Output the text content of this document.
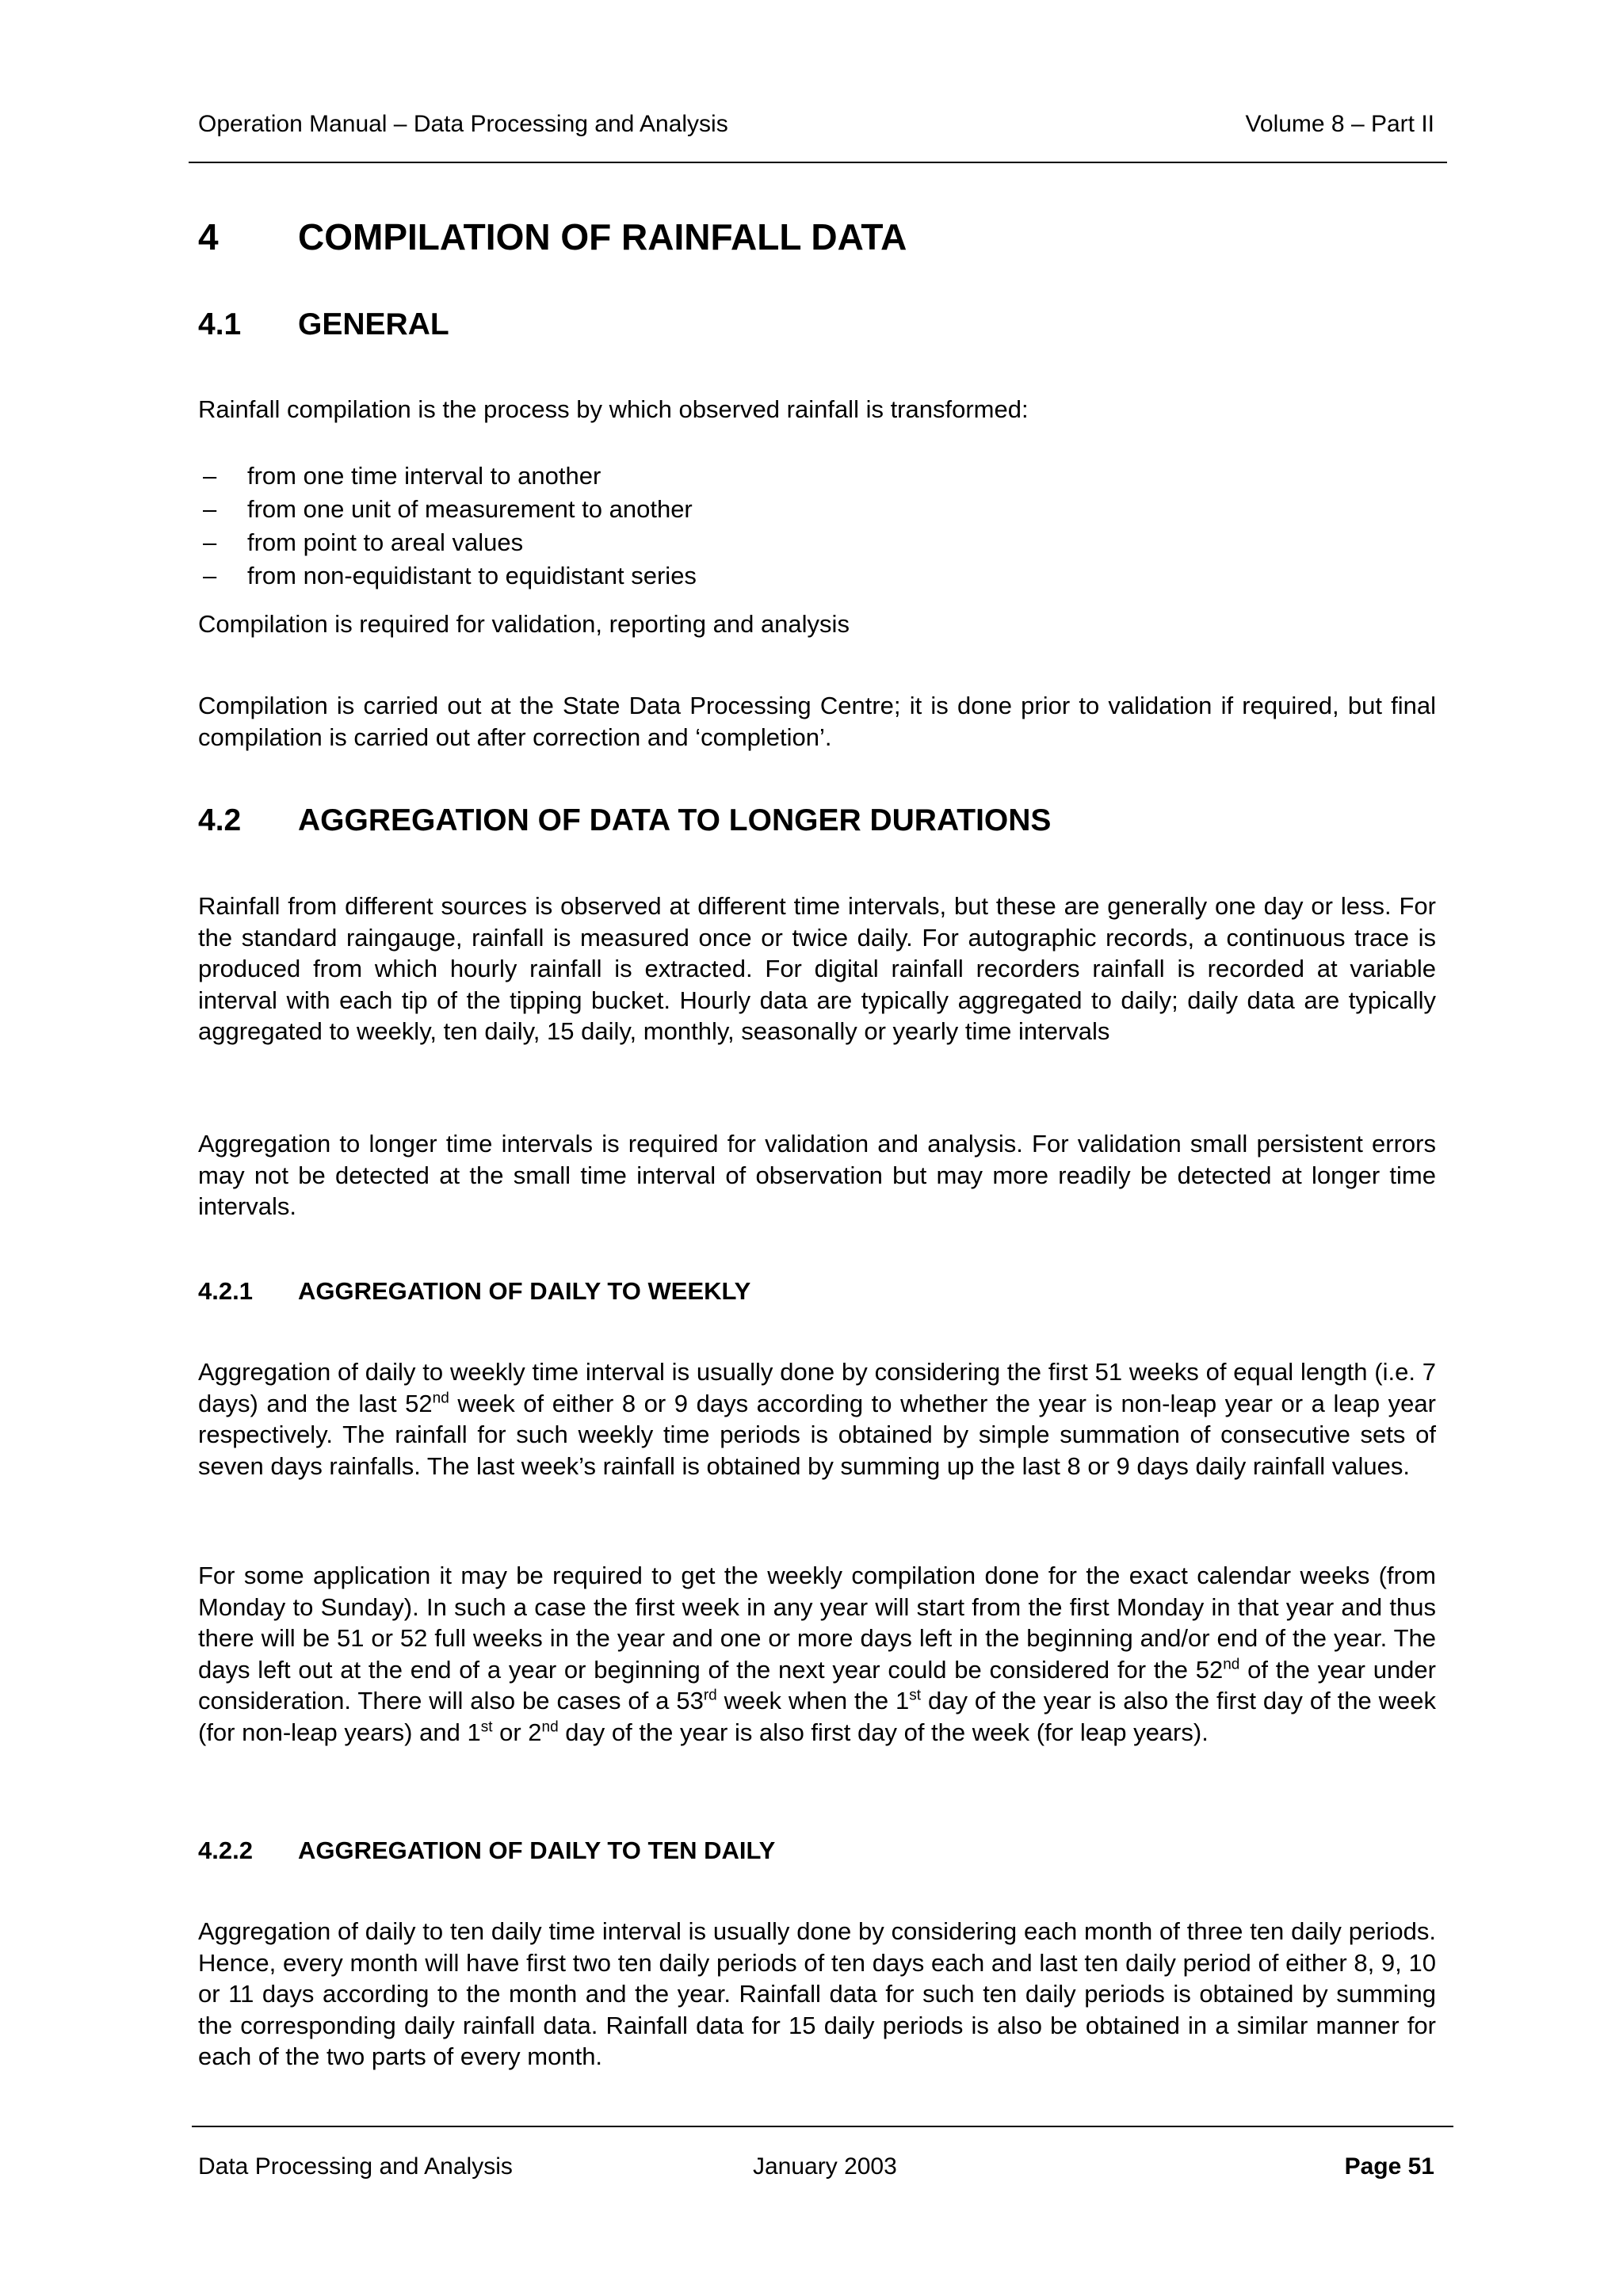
Operation Manual – Data Processing and Analysis	Volume 8 – Part II
4 COMPILATION OF RAINFALL DATA
4.1 GENERAL
Rainfall compilation is the process by which observed rainfall is transformed:
– from one time interval to another
– from one unit of measurement to another
– from point to areal values
– from non-equidistant to equidistant series
Compilation is required for validation, reporting and analysis
Compilation is carried out at the State Data Processing Centre; it is done prior to validation if required, but final compilation is carried out after correction and ‘completion’.
4.2 AGGREGATION OF DATA TO LONGER DURATIONS
Rainfall from different sources is observed at different time intervals, but these are generally one day or less. For the standard raingauge, rainfall is measured once or twice daily. For autographic records, a continuous trace is produced from which hourly rainfall is extracted. For digital rainfall recorders rainfall is recorded at variable interval with each tip of the tipping bucket. Hourly data are typically aggregated to daily; daily data are typically aggregated to weekly, ten daily, 15 daily, monthly, seasonally or yearly time intervals
Aggregation to longer time intervals is required for validation and analysis. For validation small persistent errors may not be detected at the small time interval of observation but may more readily be detected at longer time intervals.
4.2.1 AGGREGATION OF DAILY TO WEEKLY
Aggregation of daily to weekly time interval is usually done by considering the first 51 weeks of equal length (i.e. 7 days) and the last 52nd week of either 8 or 9 days according to whether the year is non-leap year or a leap year respectively. The rainfall for such weekly time periods is obtained by simple summation of consecutive sets of seven days rainfalls. The last week’s rainfall is obtained by summing up the last 8 or 9 days daily rainfall values.
For some application it may be required to get the weekly compilation done for the exact calendar weeks (from Monday to Sunday). In such a case the first week in any year will start from the first Monday in that year and thus there will be 51 or 52 full weeks in the year and one or more days left in the beginning and/or end of the year. The days left out at the end of a year or beginning of the next year could be considered for the 52nd of the year under consideration. There will also be cases of a 53rd week when the 1st day of the year is also the first day of the week (for non-leap years) and 1st or 2nd day of the year is also first day of the week (for leap years).
4.2.2 AGGREGATION OF DAILY TO TEN DAILY
Aggregation of daily to ten daily time interval is usually done by considering each month of three ten daily periods. Hence, every month will have first two ten daily periods of ten days each and last ten daily period of either 8, 9, 10 or 11 days according to the month and the year. Rainfall data for such ten daily periods is obtained by summing the corresponding daily rainfall data. Rainfall data for 15 daily periods is also be obtained in a similar manner for each of the two parts of every month.
Data Processing and Analysis	January 2003	Page 51
